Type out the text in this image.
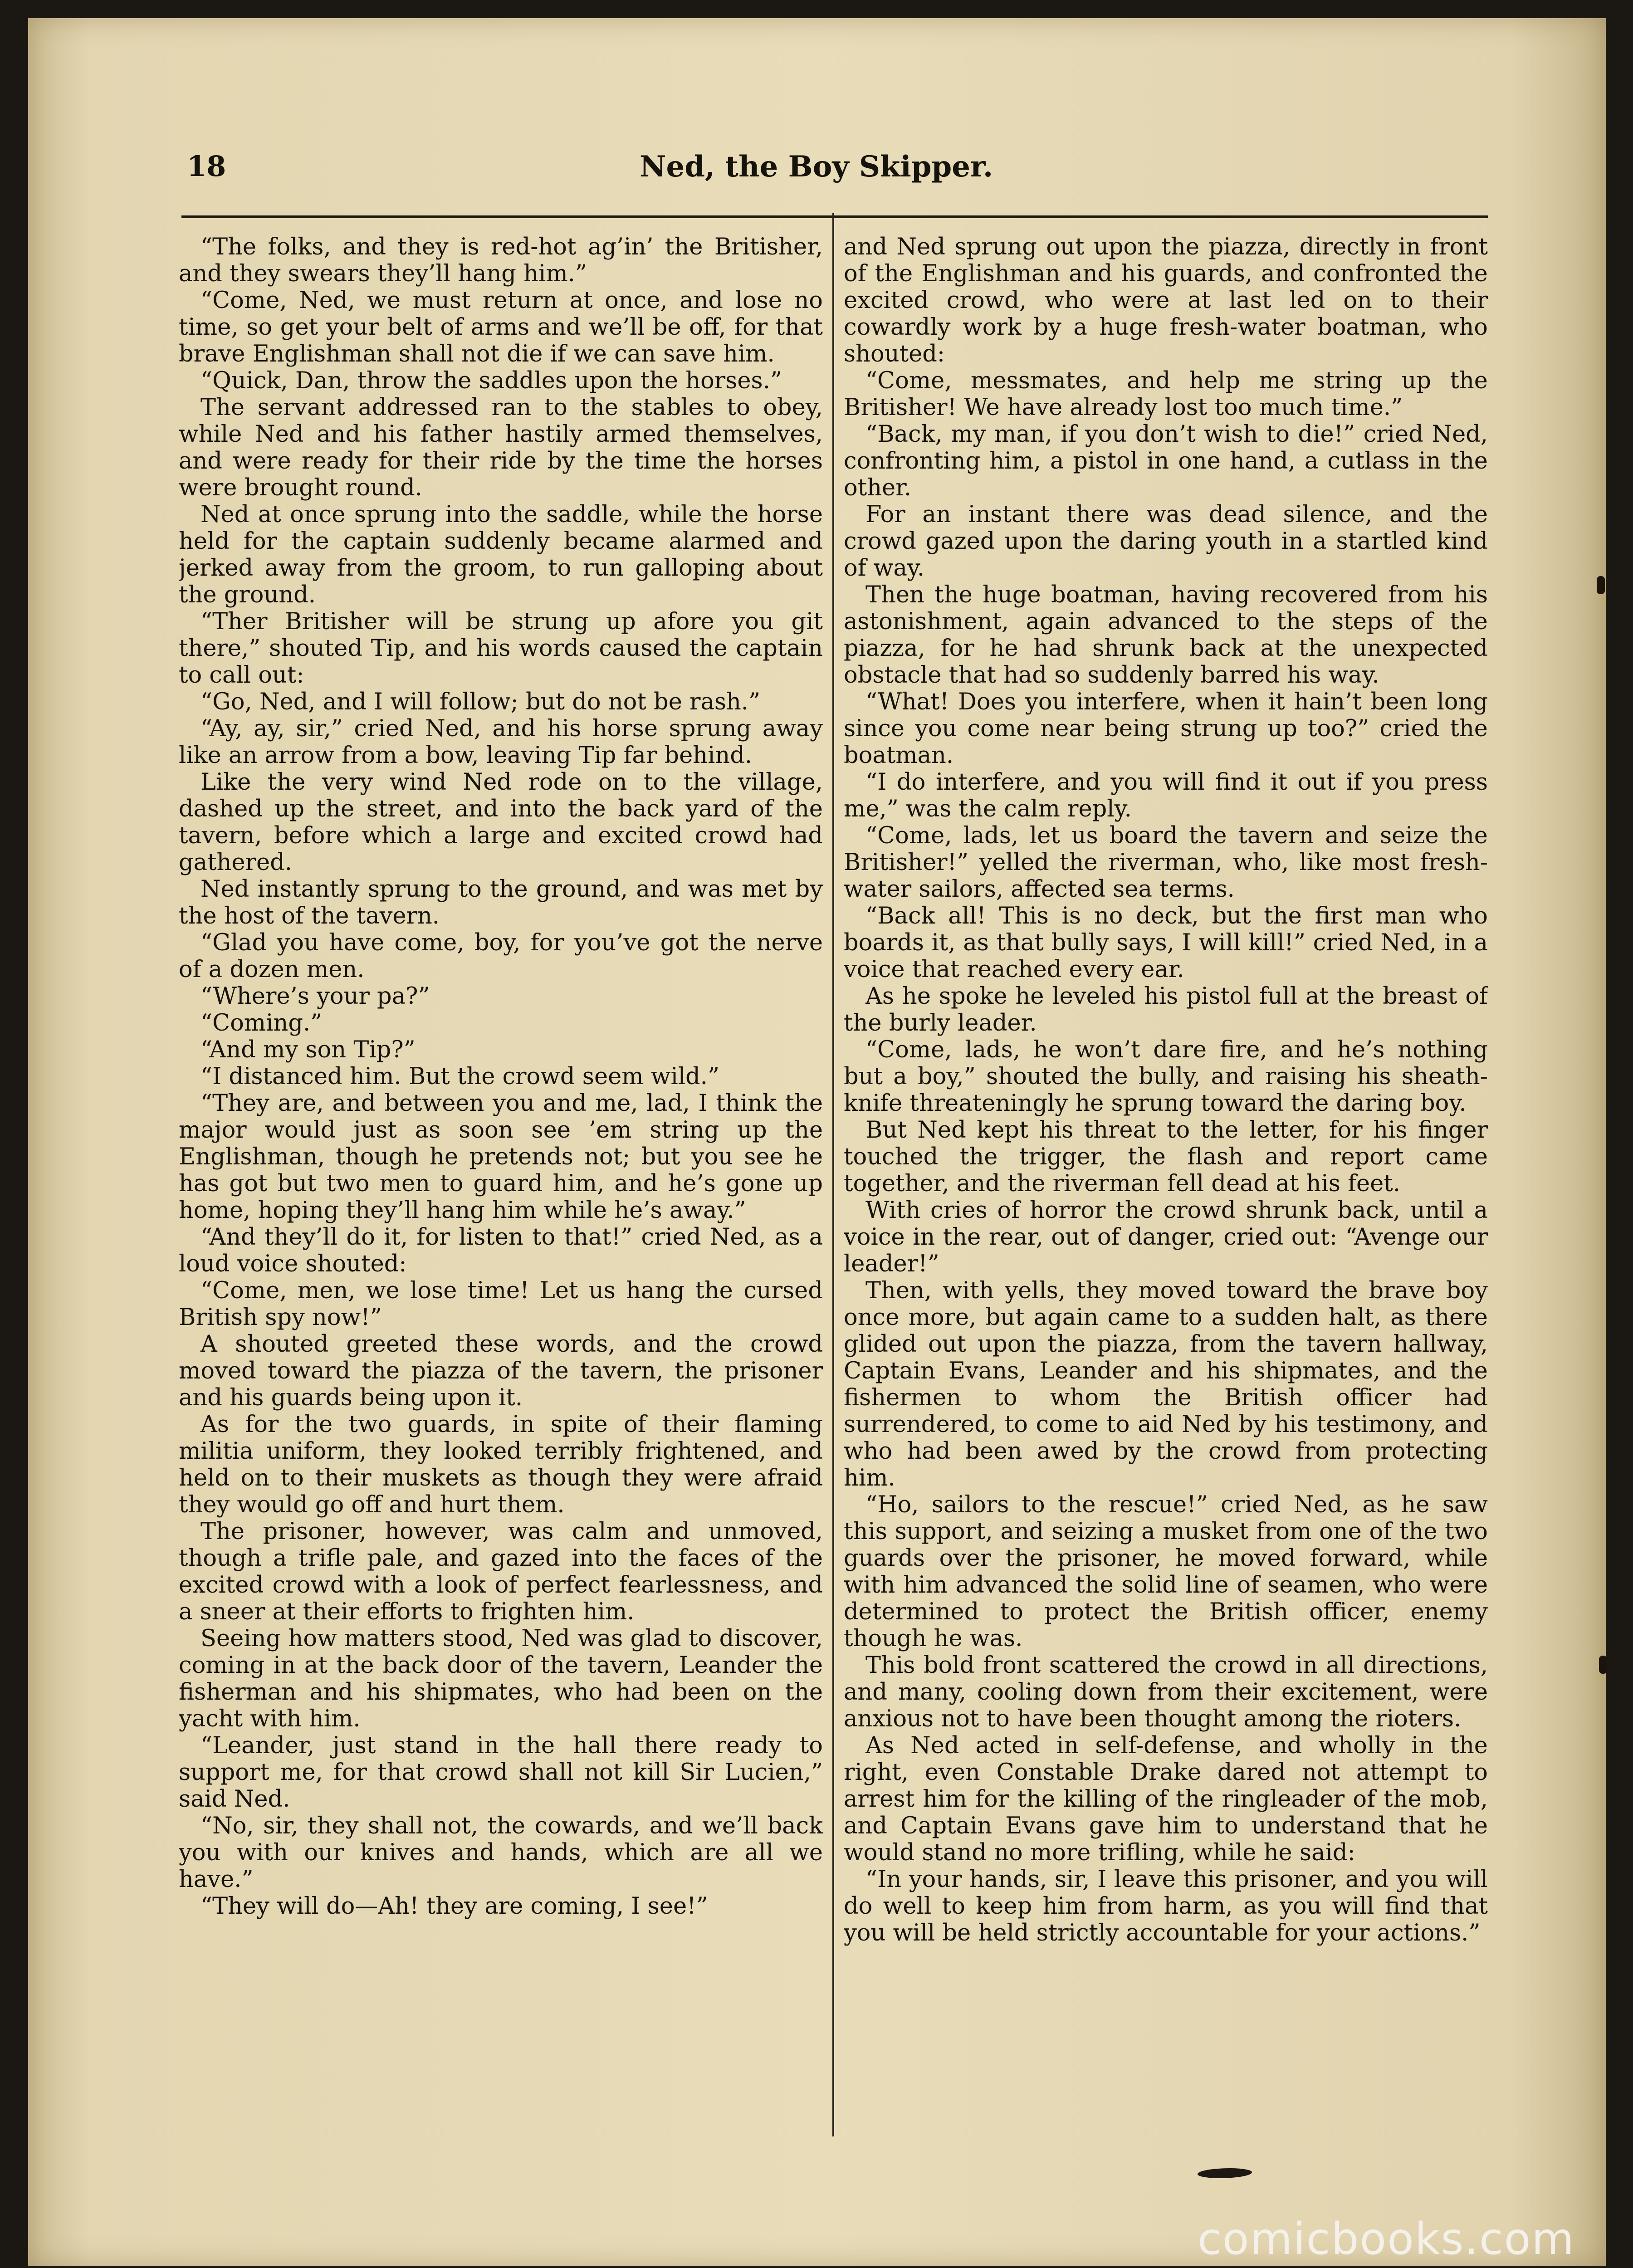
18	Ned, the Boy Skipper.

“The folks, and they is red-hot ag’in’ the Britisher, and they swears they’ll hang him.”

“Come, Ned, we must return at once, and lose no time, so get your belt of arms and we’ll be off, for that brave Englishman shall not die if we can save him.

“Quick, Dan, throw the saddles upon the horses.”

The servant addressed ran to the stables to obey, while Ned and his father hastily armed themselves, and were ready for their ride by the time the horses were brought round.

Ned at once sprung into the saddle, while the horse held for the captain suddenly became alarmed and jerked away from the groom, to run galloping about the ground.

“Ther Britisher will be strung up afore you git there,” shouted Tip, and his words caused the captain to call out:

“Go, Ned, and I will follow; but do not be rash.”

“Ay, ay, sir,” cried Ned, and his horse sprung away like an arrow from a bow, leaving Tip far behind.

Like the very wind Ned rode on to the village, dashed up the street, and into the back yard of the tavern, before which a large and excited crowd had gathered.

Ned instantly sprung to the ground, and was met by the host of the tavern.

“Glad you have come, boy, for you’ve got the nerve of a dozen men.

“Where’s your pa?”

“Coming.”

“And my son Tip?”

“I distanced him. But the crowd seem wild.”

“They are, and between you and me, lad, I think the major would just as soon see ’em string up the Englishman, though he pretends not; but you see he has got but two men to guard him, and he’s gone up home, hoping they’ll hang him while he’s away.”

“And they’ll do it, for listen to that!” cried Ned, as a loud voice shouted:

“Come, men, we lose time! Let us hang the cursed British spy now!”

A shouted greeted these words, and the crowd moved toward the piazza of the tavern, the prisoner and his guards being upon it.

As for the two guards, in spite of their flaming militia uniform, they looked terribly frightened, and held on to their muskets as though they were afraid they would go off and hurt them.

The prisoner, however, was calm and unmoved, though a trifle pale, and gazed into the faces of the excited crowd with a look of perfect fearlessness, and a sneer at their efforts to frighten him.

Seeing how matters stood, Ned was glad to discover, coming in at the back door of the tavern, Leander the fisherman and his shipmates, who had been on the yacht with him.

“Leander, just stand in the hall there ready to support me, for that crowd shall not kill Sir Lucien,” said Ned.

“No, sir, they shall not, the cowards, and we’ll back you with our knives and hands, which are all we have.”

“They will do—Ah! they are coming, I see!”

and Ned sprung out upon the piazza, directly in front of the Englishman and his guards, and confronted the excited crowd, who were at last led on to their cowardly work by a huge fresh-water boatman, who shouted:

“Come, messmates, and help me string up the Britisher! We have already lost too much time.”

“Back, my man, if you don’t wish to die!” cried Ned, confronting him, a pistol in one hand, a cutlass in the other.

For an instant there was dead silence, and the crowd gazed upon the daring youth in a startled kind of way.

Then the huge boatman, having recovered from his astonishment, again advanced to the steps of the piazza, for he had shrunk back at the unexpected obstacle that had so suddenly barred his way.

“What! Does you interfere, when it hain’t been long since you come near being strung up too?” cried the boatman.

“I do interfere, and you will find it out if you press me,” was the calm reply.

“Come, lads, let us board the tavern and seize the Britisher!” yelled the riverman, who, like most fresh-water sailors, affected sea terms.

“Back all! This is no deck, but the first man who boards it, as that bully says, I will kill!” cried Ned, in a voice that reached every ear.

As he spoke he leveled his pistol full at the breast of the burly leader.

“Come, lads, he won’t dare fire, and he’s nothing but a boy,” shouted the bully, and raising his sheath-knife threateningly he sprung toward the daring boy.

But Ned kept his threat to the letter, for his finger touched the trigger, the flash and report came together, and the riverman fell dead at his feet.

With cries of horror the crowd shrunk back, until a voice in the rear, out of danger, cried out: “Avenge our leader!”

Then, with yells, they moved toward the brave boy once more, but again came to a sudden halt, as there glided out upon the piazza, from the tavern hallway, Captain Evans, Leander and his shipmates, and the fishermen to whom the British officer had surrendered, to come to aid Ned by his testimony, and who had been awed by the crowd from protecting him.

“Ho, sailors to the rescue!” cried Ned, as he saw this support, and seizing a musket from one of the two guards over the prisoner, he moved forward, while with him advanced the solid line of seamen, who were determined to protect the British officer, enemy though he was.

This bold front scattered the crowd in all directions, and many, cooling down from their excitement, were anxious not to have been thought among the rioters.

As Ned acted in self-defense, and wholly in the right, even Constable Drake dared not attempt to arrest him for the killing of the ringleader of the mob, and Captain Evans gave him to understand that he would stand no more trifling, while he said:

“In your hands, sir, I leave this prisoner, and you will do well to keep him from harm, as you will find that you will be held strictly accountable for your actions.”

comicbooks.com
